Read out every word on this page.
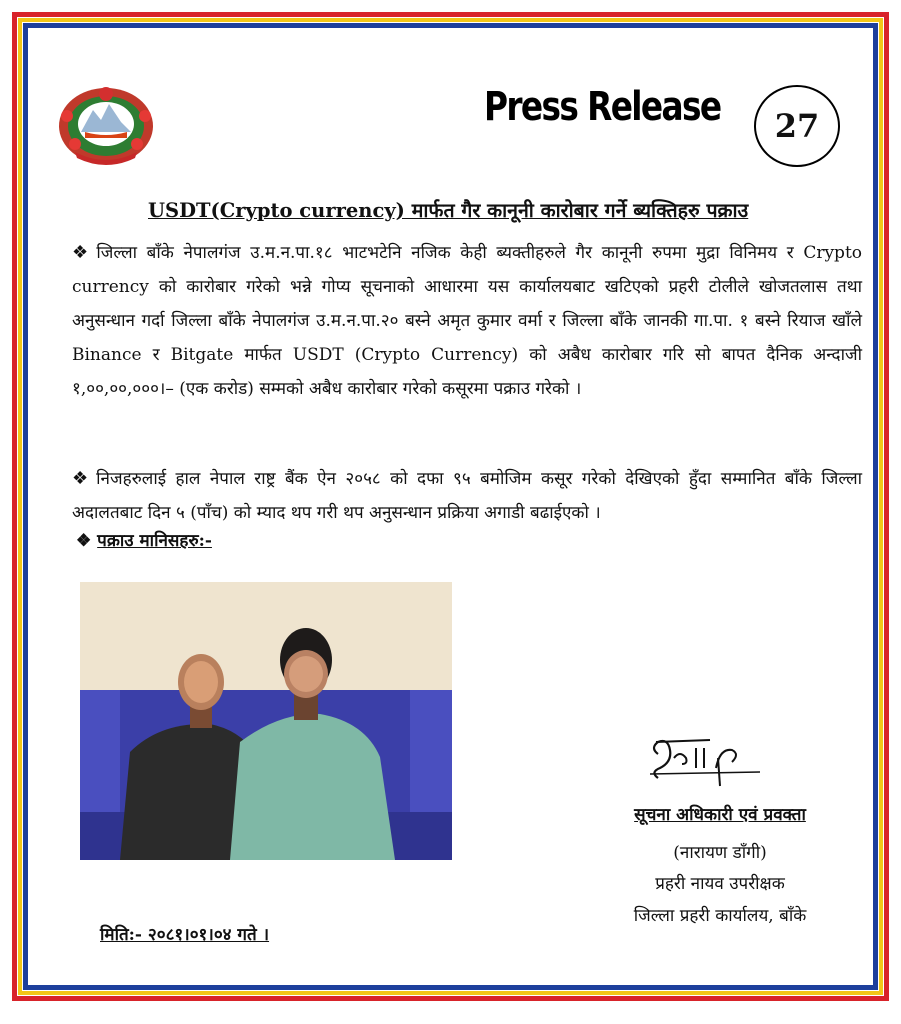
Press Release 27
USDT(Crypto currency) मार्फत गैर कानूनी कारोबार गर्ने ब्यक्तिहरु पक्राउ
❖ जिल्ला बाँके नेपालगंज उ.म.न.पा.१८ भाटभटेनि नजिक केही ब्यक्तीहरुले गैर कानूनी रुपमा मुद्रा विनिमय र Crypto currency को कारोबार गरेको भन्ने गोप्य सूचनाको आधारमा यस कार्यालयबाट खटिएको प्रहरी टोलीले खोजतलास तथा अनुसन्धान गर्दा जिल्ला बाँके नेपालगंज उ.म.न.पा.२० बस्ने अमृत कुमार वर्मा र जिल्ला बाँके जानकी गा.पा. १ बस्ने रियाज खाँले Binance र Bitgate मार्फत USDT (Crypto Currency) को अबैध कारोबार गरि सो बापत दैनिक अन्दाजी १,००,००,०००।– (एक करोड) सम्मको अबैध कारोबार गरेको कसूरमा पक्राउ गरेको ।
❖ निजहरुलाई हाल नेपाल राष्ट्र बैंक ऐन २०५८ को दफा ९५ बमोजिम कसूर गरेको देखिएको हुँदा सम्मानित बाँके जिल्ला अदालतबाट दिन ५ (पाँच) को म्याद थप गरी थप अनुसन्धान प्रक्रिया अगाडी बढाईएको ।
❖ पक्राउ मानिसहरु:-
सूचना अधिकारी एवं प्रवक्ता
(नारायण डाँगी)
प्रहरी नायव उपरीक्षक
जिल्ला प्रहरी कार्यालय, बाँके
मिति:- २०८१।०१।०४ गते ।
